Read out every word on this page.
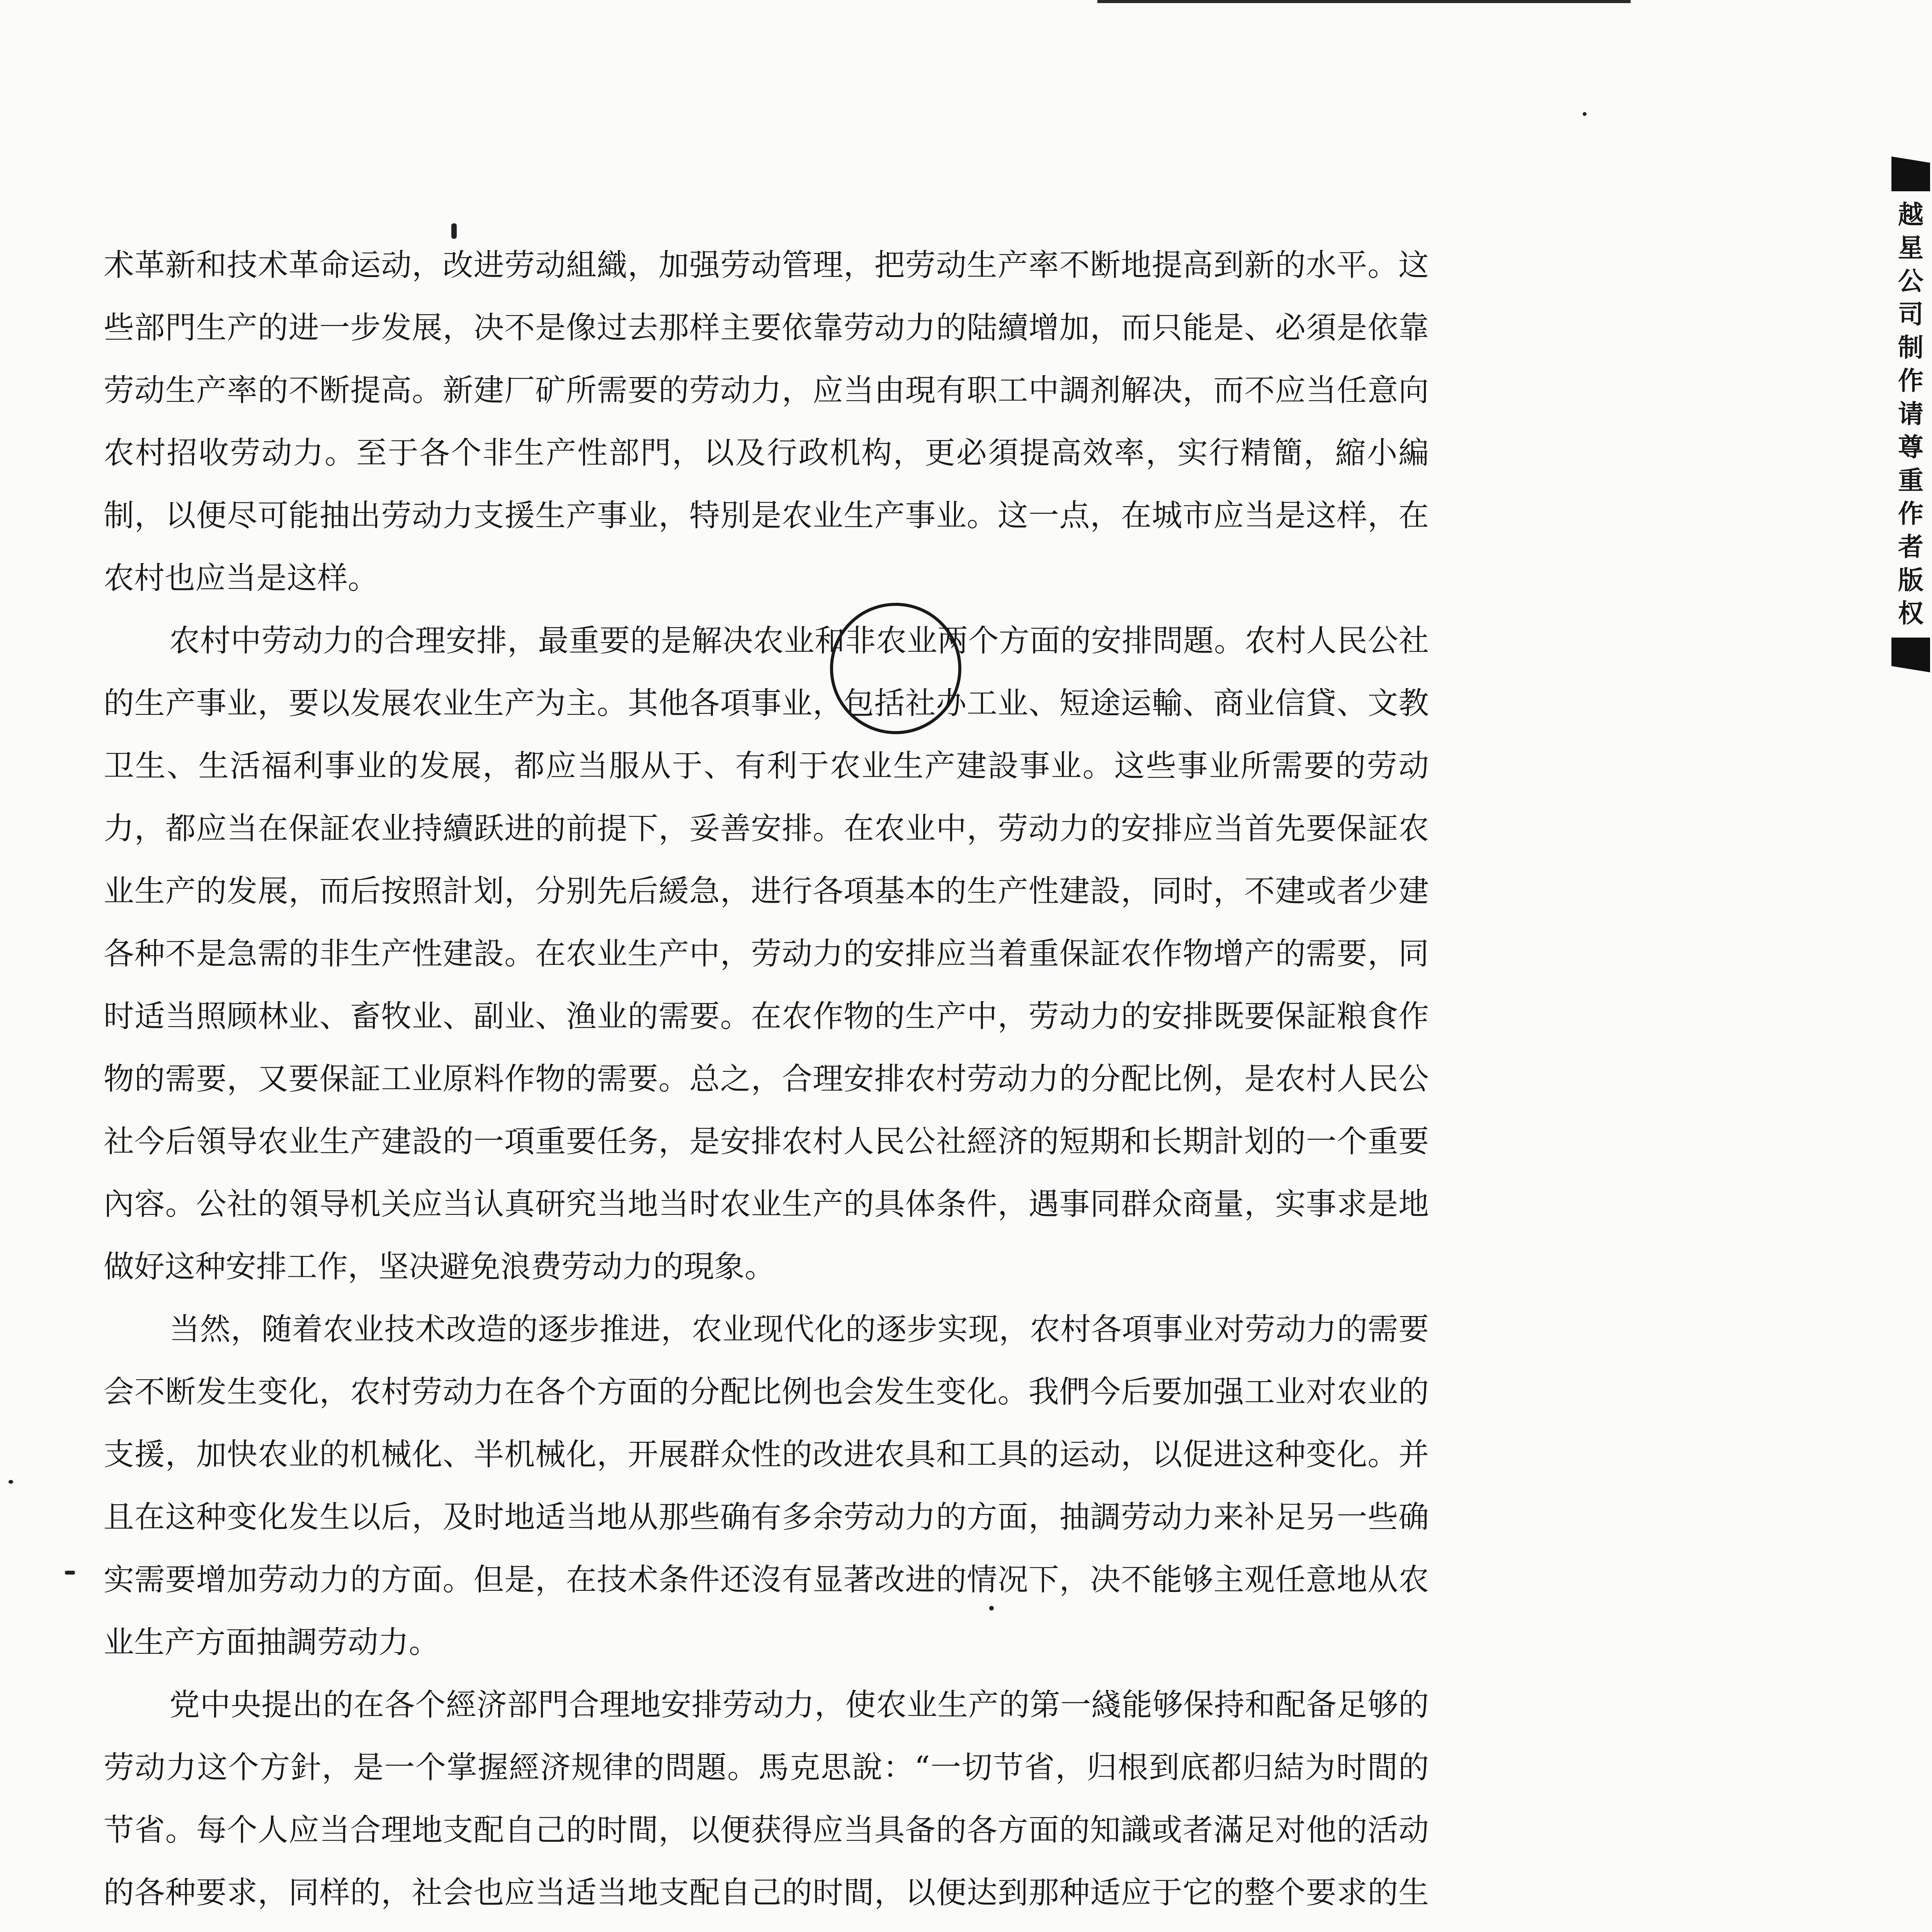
越星公司制作请尊重作者版权

术革新和技术革命运动，改进劳动組織，加强劳动管理，把劳动生产率不断地提高到新的水平。这些部門生产的进一步发展，决不是像过去那样主要依靠劳动力的陆續增加，而只能是、必須是依靠劳动生产率的不断提高。新建厂矿所需要的劳动力，应当由現有职工中調剂解决，而不应当任意向农村招收劳动力。至于各个非生产性部門，以及行政机构，更必須提高效率，实行精簡，縮小編制，以便尽可能抽出劳动力支援生产事业，特別是农业生产事业。这一点，在城市应当是这样，在农村也应当是这样。

农村中劳动力的合理安排，最重要的是解决农业和非农业两个方面的安排問題。农村人民公社的生产事业，要以发展农业生产为主。其他各項事业，包括社办工业、短途运輸、商业信貸、文教卫生、生活福利事业的发展，都应当服从于、有利于农业生产建設事业。这些事业所需要的劳动力，都应当在保証农业持續跃进的前提下，妥善安排。在农业中，劳动力的安排应当首先要保証农业生产的发展，而后按照計划，分别先后緩急，进行各項基本的生产性建設，同时，不建或者少建各种不是急需的非生产性建設。在农业生产中，劳动力的安排应当着重保証农作物增产的需要，同时适当照顾林业、畜牧业、副业、渔业的需要。在农作物的生产中，劳动力的安排既要保証粮食作物的需要，又要保証工业原料作物的需要。总之，合理安排农村劳动力的分配比例，是农村人民公社今后領导农业生产建設的一項重要任务，是安排农村人民公社經济的短期和长期計划的一个重要內容。公社的領导机关应当认真研究当地当时农业生产的具体条件，遇事同群众商量，实事求是地做好这种安排工作，坚决避免浪费劳动力的現象。

当然，随着农业技术改造的逐步推进，农业现代化的逐步实现，农村各項事业对劳动力的需要会不断发生变化，农村劳动力在各个方面的分配比例也会发生变化。我們今后要加强工业对农业的支援，加快农业的机械化、半机械化，开展群众性的改进农具和工具的运动，以促进这种变化。并且在这种变化发生以后，及时地适当地从那些确有多余劳动力的方面，抽調劳动力来补足另一些确实需要增加劳动力的方面。但是，在技术条件还沒有显著改进的情况下，决不能够主观任意地从农业生产方面抽調劳动力。

党中央提出的在各个經济部門合理地安排劳动力，使农业生产的第一綫能够保持和配备足够的劳动力这个方針，是一个掌握經济规律的問題。馬克思說：“一切节省，归根到底都归結为时間的节省。每个人应当合理地支配自己的时間，以便获得应当具备的各方面的知識或者滿足对他的活动的各种要求，同样的，社会也应当适当地支配自己的时間，以便达到那种适应于它的整个要求的生
